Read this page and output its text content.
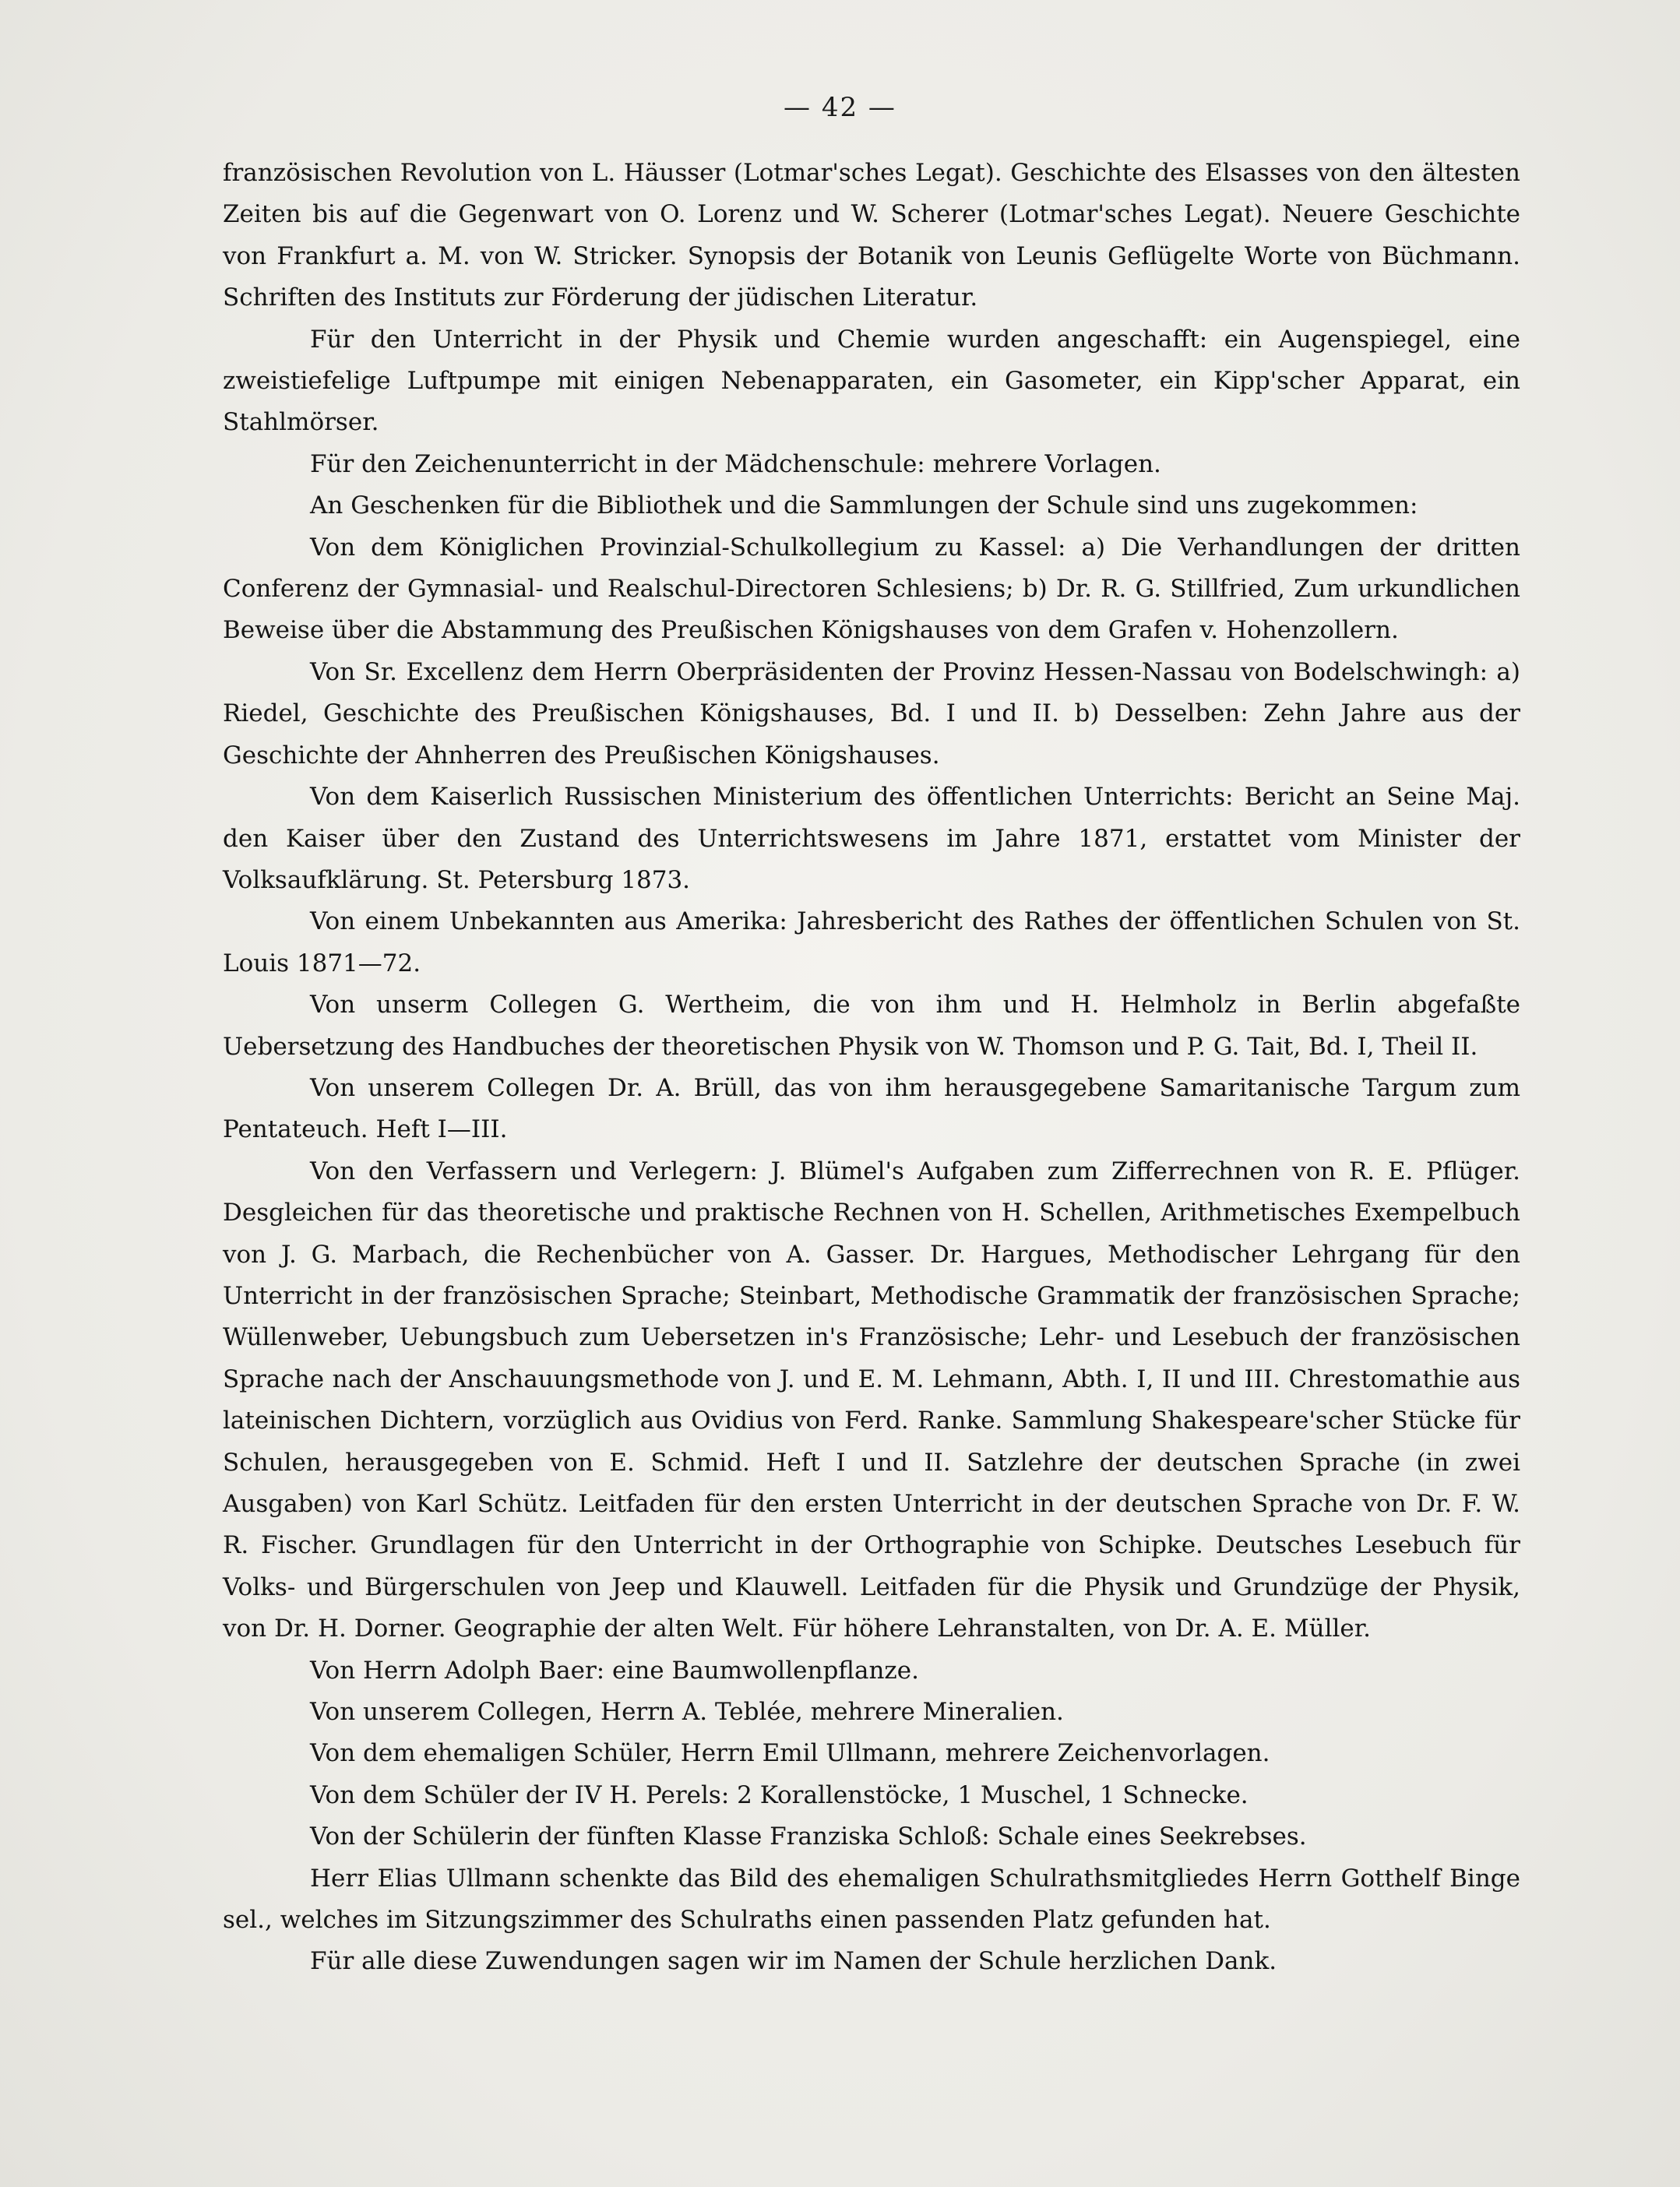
— 42 —

französischen Revolution von L. Häusser (Lotmar'sches Legat). Geschichte des Elsasses von den ältesten Zeiten bis auf die Gegenwart von O. Lorenz und W. Scherer (Lotmar'sches Legat). Neuere Geschichte von Frankfurt a. M. von W. Stricker. Synopsis der Botanik von Leunis Geflügelte Worte von Büchmann. Schriften des Instituts zur Förderung der jüdischen Literatur.

Für den Unterricht in der Physik und Chemie wurden angeschafft: ein Augenspiegel, eine zweistiefelige Luftpumpe mit einigen Nebenapparaten, ein Gasometer, ein Kipp'scher Apparat, ein Stahlmörser.

Für den Zeichenunterricht in der Mädchenschule: mehrere Vorlagen.

An Geschenken für die Bibliothek und die Sammlungen der Schule sind uns zugekommen:

Von dem Königlichen Provinzial-Schulkollegium zu Kassel: a) Die Verhandlungen der dritten Conferenz der Gymnasial- und Realschul-Directoren Schlesiens; b) Dr. R. G. Stillfried, Zum urkundlichen Beweise über die Abstammung des Preußischen Königshauses von dem Grafen v. Hohenzollern.

Von Sr. Excellenz dem Herrn Oberpräsidenten der Provinz Hessen-Nassau von Bodelschwingh: a) Riedel, Geschichte des Preußischen Königshauses, Bd. I und II. b) Desselben: Zehn Jahre aus der Geschichte der Ahnherren des Preußischen Königshauses.

Von dem Kaiserlich Russischen Ministerium des öffentlichen Unterrichts: Bericht an Seine Maj. den Kaiser über den Zustand des Unterrichtswesens im Jahre 1871, erstattet vom Minister der Volksaufklärung. St. Petersburg 1873.

Von einem Unbekannten aus Amerika: Jahresbericht des Rathes der öffentlichen Schulen von St. Louis 1871—72.

Von unserm Collegen G. Wertheim, die von ihm und H. Helmholz in Berlin abgefaßte Uebersetzung des Handbuches der theoretischen Physik von W. Thomson und P. G. Tait, Bd. I, Theil II.

Von unserem Collegen Dr. A. Brüll, das von ihm herausgegebene Samaritanische Targum zum Pentateuch. Heft I—III.

Von den Verfassern und Verlegern: J. Blümel's Aufgaben zum Zifferrechnen von R. E. Pflüger. Desgleichen für das theoretische und praktische Rechnen von H. Schellen, Arithmetisches Exempelbuch von J. G. Marbach, die Rechenbücher von A. Gasser. Dr. Hargues, Methodischer Lehrgang für den Unterricht in der französischen Sprache; Steinbart, Methodische Grammatik der französischen Sprache; Wüllenweber, Uebungsbuch zum Uebersetzen in's Französische; Lehr- und Lesebuch der französischen Sprache nach der Anschauungsmethode von J. und E. M. Lehmann, Abth. I, II und III. Chrestomathie aus lateinischen Dichtern, vorzüglich aus Ovidius von Ferd. Ranke. Sammlung Shakespeare'scher Stücke für Schulen, herausgegeben von E. Schmid. Heft I und II. Satzlehre der deutschen Sprache (in zwei Ausgaben) von Karl Schütz. Leitfaden für den ersten Unterricht in der deutschen Sprache von Dr. F. W. R. Fischer. Grundlagen für den Unterricht in der Orthographie von Schipke. Deutsches Lesebuch für Volks- und Bürgerschulen von Jeep und Klauwell. Leitfaden für die Physik und Grundzüge der Physik, von Dr. H. Dorner. Geographie der alten Welt. Für höhere Lehranstalten, von Dr. A. E. Müller.

Von Herrn Adolph Baer: eine Baumwollenpflanze.

Von unserem Collegen, Herrn A. Teblée, mehrere Mineralien.

Von dem ehemaligen Schüler, Herrn Emil Ullmann, mehrere Zeichenvorlagen.

Von dem Schüler der IV H. Perels: 2 Korallenstöcke, 1 Muschel, 1 Schnecke.

Von der Schülerin der fünften Klasse Franziska Schloß: Schale eines Seekrebses.

Herr Elias Ullmann schenkte das Bild des ehemaligen Schulrathsmitgliedes Herrn Gotthelf Binge sel., welches im Sitzungszimmer des Schulraths einen passenden Platz gefunden hat.

Für alle diese Zuwendungen sagen wir im Namen der Schule herzlichen Dank.
